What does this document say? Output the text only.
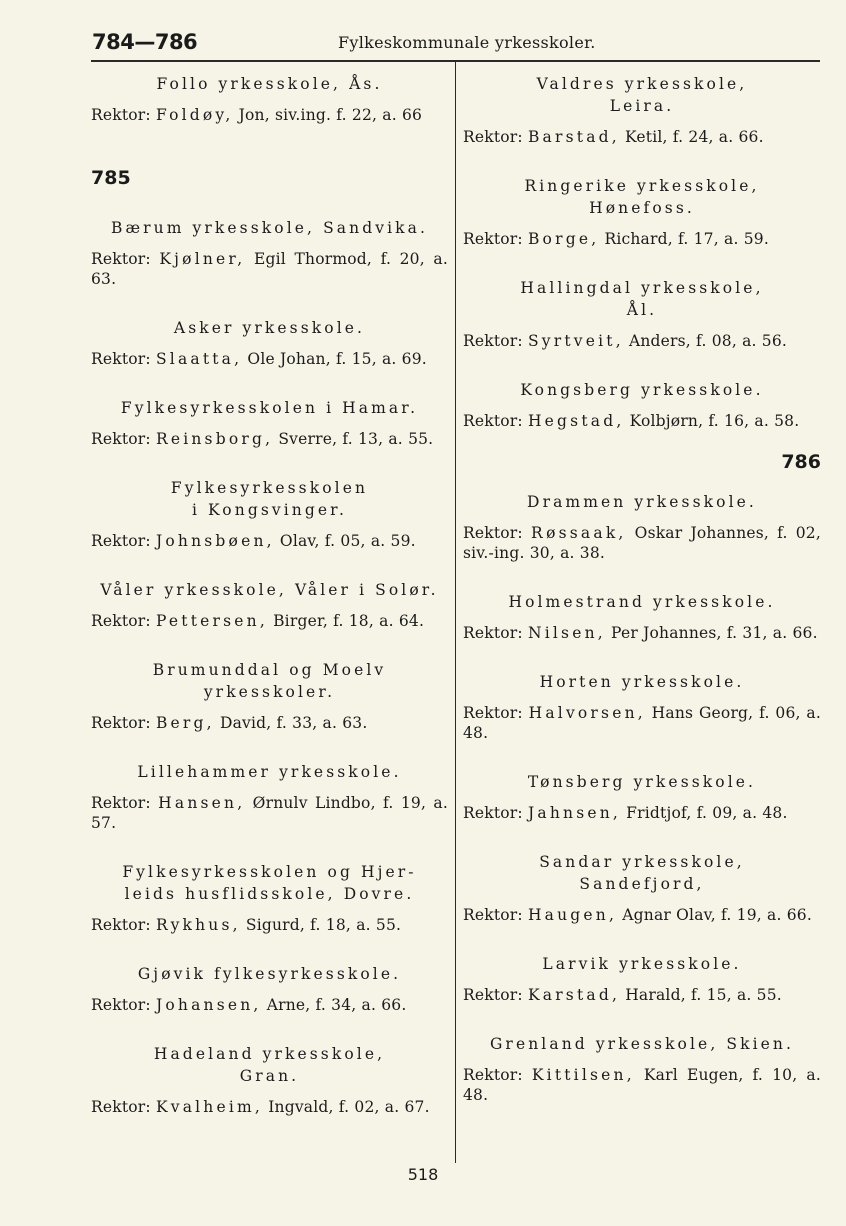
784—786	Fylkeskommunale yrkesskoler.
Follo yrkesskole, Ås.
Rektor: Foldøy, Jon, siv.ing. f. 22, a. 66
785
Bærum yrkesskole, Sandvika.
Rektor: Kjølner, Egil Thormod, f. 20, a. 63.
Asker yrkesskole.
Rektor: Slaatta, Ole Johan, f. 15, a. 69.
Fylkesyrkesskolen i Hamar.
Rektor: Reinsborg, Sverre, f. 13, a. 55.
Fylkesyrkesskolen
i Kongsvinger.
Rektor: Johnsbøen, Olav, f. 05, a. 59.
Våler yrkesskole, Våler i Solør.
Rektor: Pettersen, Birger, f. 18, a. 64.
Brumunddal og Moelv
yrkesskoler.
Rektor: Berg, David, f. 33, a. 63.
Lillehammer yrkesskole.
Rektor: Hansen, Ørnulv Lindbo, f. 19, a. 57.
Fylkesyrkesskolen og Hjer-
leids husflidsskole, Dovre.
Rektor: Rykhus, Sigurd, f. 18, a. 55.
Gjøvik fylkesyrkesskole.
Rektor: Johansen, Arne, f. 34, a. 66.
Hadeland yrkesskole,
Gran.
Rektor: Kvalheim, Ingvald, f. 02, a. 67.
Valdres yrkesskole,
Leira.
Rektor: Barstad, Ketil, f. 24, a. 66.
Ringerike yrkesskole,
Hønefoss.
Rektor: Borge, Richard, f. 17, a. 59.
Hallingdal yrkesskole,
Ål.
Rektor: Syrtveit, Anders, f. 08, a. 56.
Kongsberg yrkesskole.
Rektor: Hegstad, Kolbjørn, f. 16, a. 58.
786
Drammen yrkesskole.
Rektor: Røssaak, Oskar Johannes, f. 02, siv.-ing. 30, a. 38.
Holmestrand yrkesskole.
Rektor: Nilsen, Per Johannes, f. 31, a. 66.
Horten yrkesskole.
Rektor: Halvorsen, Hans Georg, f. 06, a. 48.
Tønsberg yrkesskole.
Rektor: Jahnsen, Fridtjof, f. 09, a. 48.
Sandar yrkesskole,
Sandefjord,
Rektor: Haugen, Agnar Olav, f. 19, a. 66.
Larvik yrkesskole.
Rektor: Karstad, Harald, f. 15, a. 55.
Grenland yrkesskole, Skien.
Rektor: Kittilsen, Karl Eugen, f. 10, a. 48.
518
